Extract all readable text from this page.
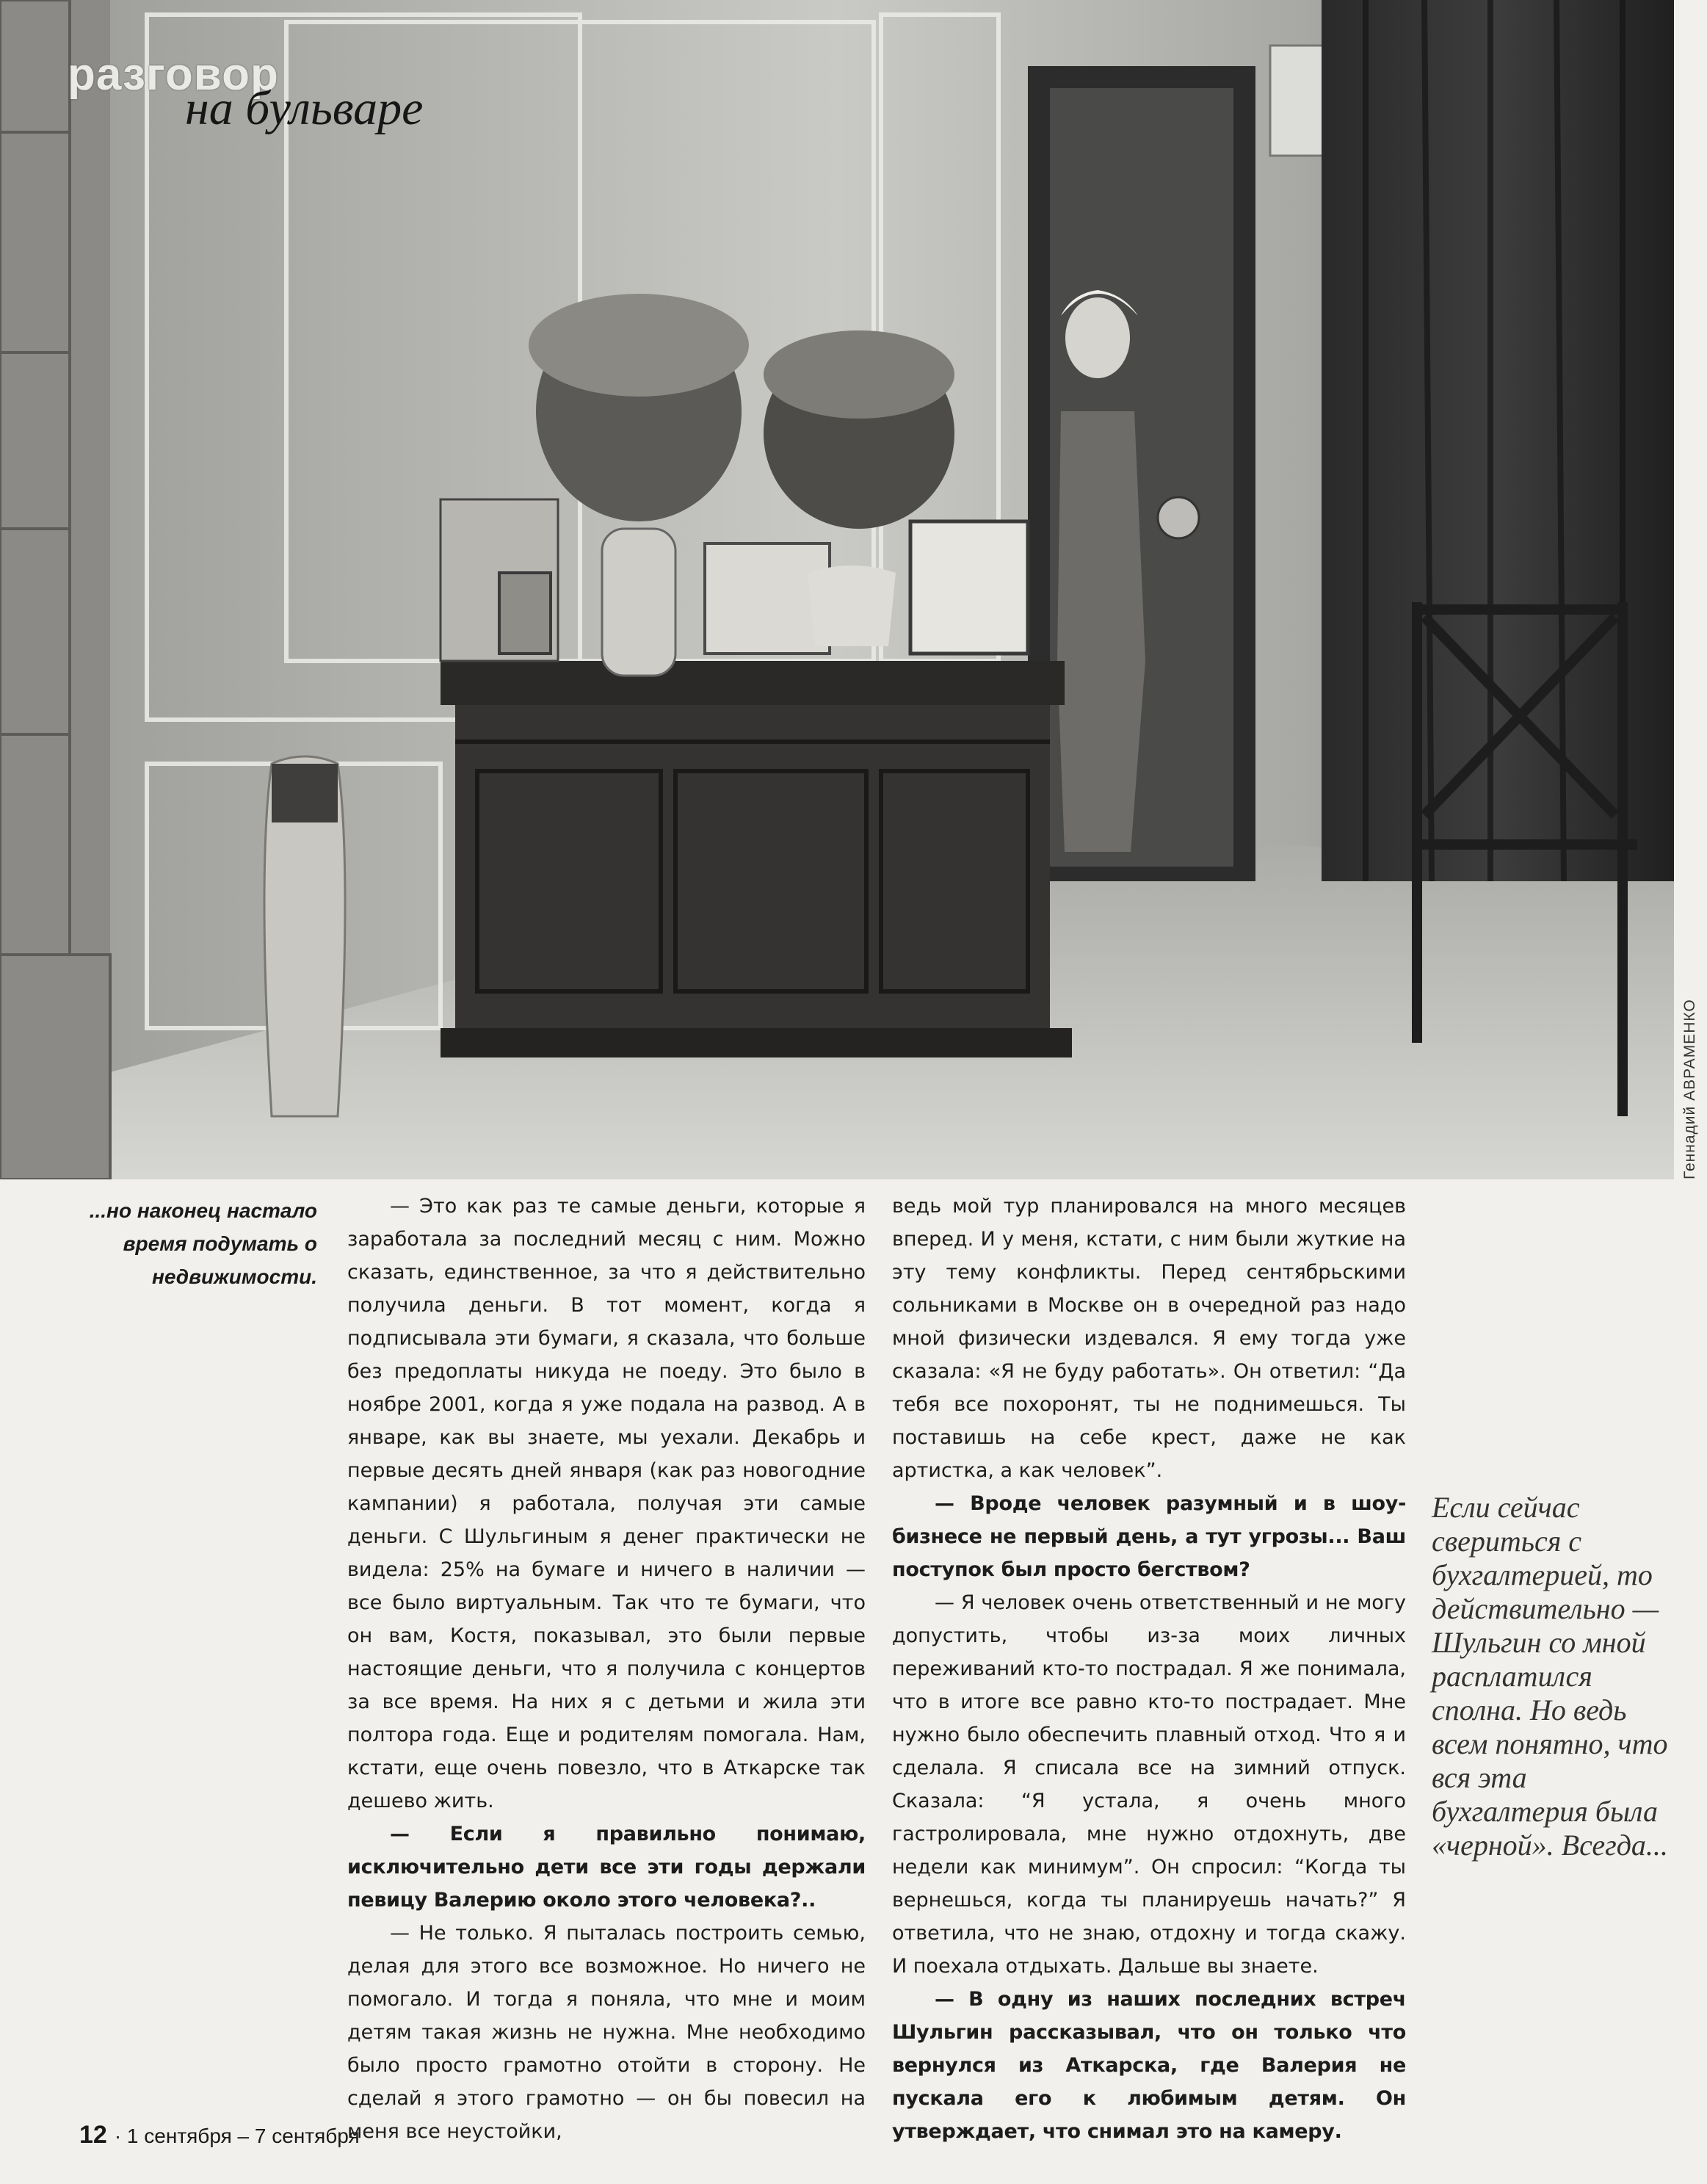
разговор
на бульваре
Геннадий АВРАМЕНКО
...но наконец настало время подумать о недвижимости.

— Это как раз те самые деньги, которые я заработала за последний месяц с ним. Можно сказать, единственное, за что я действительно получила деньги. В тот момент, когда я подписывала эти бумаги, я сказала, что больше без предоплаты никуда не поеду. Это было в ноябре 2001, когда я уже подала на развод. А в январе, как вы знаете, мы уехали. Декабрь и первые десять дней января (как раз новогодние кампании) я работала, получая эти самые деньги. С Шульгиным я денег практически не видела: 25% на бумаге и ничего в наличии — все было виртуальным. Так что те бумаги, что он вам, Костя, показывал, это были первые настоящие деньги, что я получила с концертов за все время. На них я с детьми и жила эти полтора года. Еще и родителям помогала. Нам, кстати, еще очень повезло, что в Аткарске так дешево жить.

— Если я правильно понимаю, исключительно дети все эти годы держали певицу Валерию около этого человека?..

— Не только. Я пыталась построить семью, делая для этого все возможное. Но ничего не помогало. И тогда я поняла, что мне и моим детям такая жизнь не нужна. Мне необходимо было просто грамотно отойти в сторону. Не сделай я этого грамотно — он бы повесил на меня все неустойки,

ведь мой тур планировался на много месяцев вперед. И у меня, кстати, с ним были жуткие на эту тему конфликты. Перед сентябрьскими сольниками в Москве он в очередной раз надо мной физически издевался. Я ему тогда уже сказала: «Я не буду работать». Он ответил: “Да тебя все похоронят, ты не поднимешься. Ты поставишь на себе крест, даже не как артистка, а как человек”.

— Вроде человек разумный и в шоу-бизнесе не первый день, а тут угрозы... Ваш поступок был просто бегством?

— Я человек очень ответственный и не могу допустить, чтобы из-за моих личных переживаний кто-то пострадал. Я же понимала, что в итоге все равно кто-то пострадает. Мне нужно было обеспечить плавный отход. Что я и сделала. Я списала все на зимний отпуск. Сказала: “Я устала, я очень много гастролировала, мне нужно отдохнуть, две недели как минимум”. Он спросил: “Когда ты вернешься, когда ты планируешь начать?” Я ответила, что не знаю, отдохну и тогда скажу. И поехала отдыхать. Дальше вы знаете.

— В одну из наших последних встреч Шульгин рассказывал, что он только что вернулся из Аткарска, где Валерия не пускала его к любимым детям. Он утверждает, что снимал это на камеру.

Если сейчас свериться с бухгалтерией, то действительно — Шульгин со мной расплатился сполна. Но ведь всем понятно, что вся эта бухгалтерия была «черной». Всегда...
12 · 1 сентября – 7 сентября
